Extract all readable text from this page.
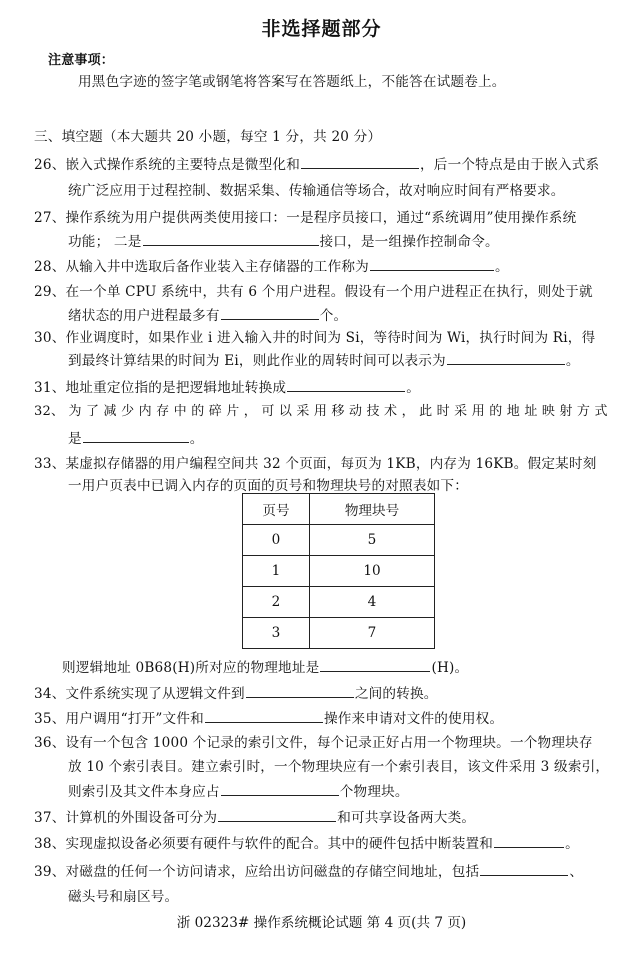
非选择题部分
注意事项：
用黑色字迹的签字笔或钢笔将答案写在答题纸上，不能答在试题卷上。
三、填空题（本大题共 20 小题，每空 1 分，共 20 分）
26、嵌入式操作系统的主要特点是微型化和	，后一个特点是由于嵌入式系
统广泛应用于过程控制、数据采集、传输通信等场合，故对响应时间有严格要求。
27、操作系统为用户提供两类使用接口：一是程序员接口，通过“系统调用”使用操作系统
功能； 二是	接口，是一组操作控制命令。
28、从输入井中选取后备作业装入主存储器的工作称为	。
29、在一个单 CPU 系统中，共有 6 个用户进程。假设有一个用户进程正在执行，则处于就
绪状态的用户进程最多有	个。
30、作业调度时，如果作业 i 进入输入井的时间为 Si，等待时间为 Wi，执行时间为 Ri，得
到最终计算结果的时间为 Ei，则此作业的周转时间可以表示为	。
31、地址重定位指的是把逻辑地址转换成	。
32、 为 了 减 少 内 存 中 的 碎 片 ， 可 以 采 用 移 动 技 术 ， 此 时 采 用 的 地 址 映 射 方 式
是	。
33、某虚拟存储器的用户编程空间共 32 个页面，每页为 1KB，内存为 16KB。假定某时刻
一用户页表中已调入内存的页面的页号和物理块号的对照表如下：
页号	物理块号
0	5
1	10
2	4
3	7
则逻辑地址 0B68(H)所对应的物理地址是	(H)。
34、文件系统实现了从逻辑文件到	之间的转换。
35、用户调用“打开”文件和	操作来申请对文件的使用权。
36、设有一个包含 1000 个记录的索引文件，每个记录正好占用一个物理块。一个物理块存
放 10 个索引表目。建立索引时，一个物理块应有一个索引表目，该文件采用 3 级索引，
则索引及其文件本身应占	个物理块。
37、计算机的外围设备可分为	和可共享设备两大类。
38、实现虚拟设备必须要有硬件与软件的配合。其中的硬件包括中断装置和	。
39、对磁盘的任何一个访问请求，应给出访问磁盘的存储空间地址，包括	、
磁头号和扇区号。
浙 02323# 操作系统概论试题 第 4 页(共 7 页)
